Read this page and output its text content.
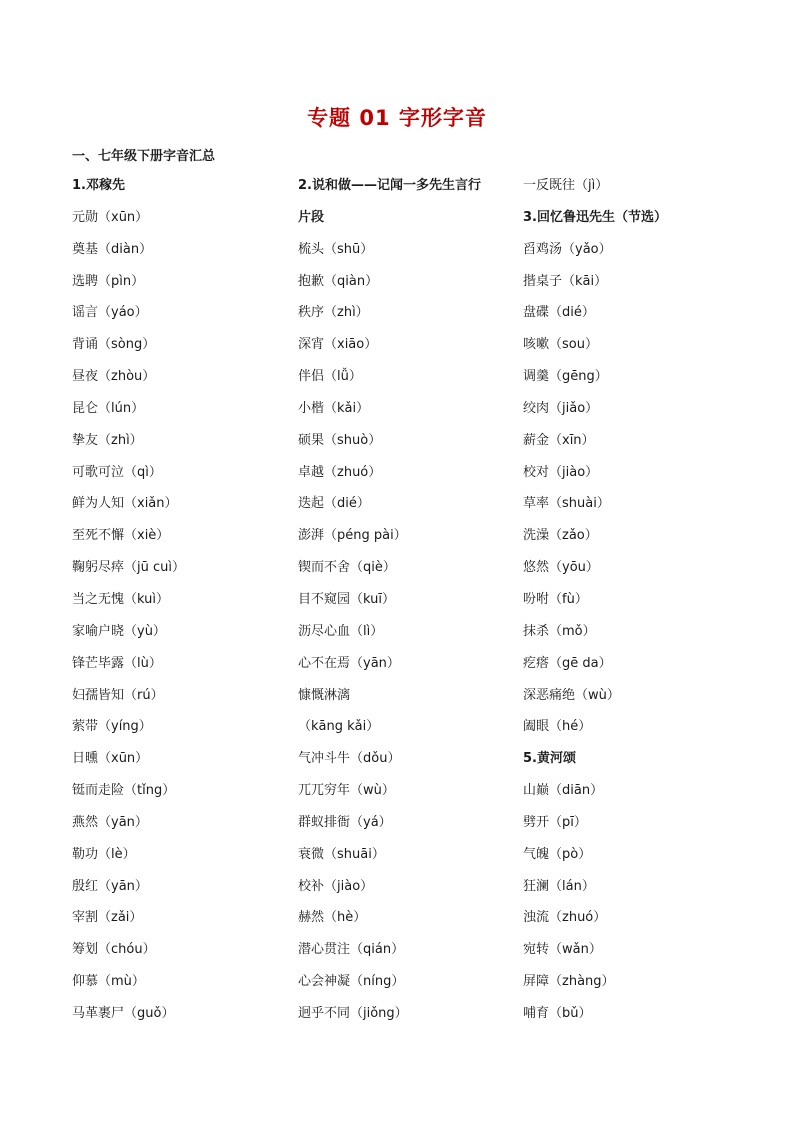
专题 01 字形字音
一、七年级下册字音汇总
1.邓稼先
元勋（xūn）
奠基（diàn）
选聘（pìn）
谣言（yáo）
背诵（sòng）
昼夜（zhòu）
昆仑（lún）
挚友（zhì）
可歌可泣（qì）
鲜为人知（xiǎn）
至死不懈（xiè）
鞠躬尽瘁（jū cuì）
当之无愧（kuì）
家喻户晓（yù）
锋芒毕露（lù）
妇孺皆知（rú）
萦带（yíng）
日曛（xūn）
铤而走险（tǐng）
燕然（yān）
勒功（lè）
殷红（yān）
宰割（zǎi）
筹划（chóu）
仰慕（mù）
马革裹尸（guǒ）
2.说和做——记闻一多先生言行
片段
梳头（shū）
抱歉（qiàn）
秩序（zhì）
深宵（xiāo）
伴侣（lǚ）
小楷（kǎi）
硕果（shuò）
卓越（zhuó）
迭起（dié）
澎湃（péng pài）
锲而不舍（qiè）
目不窥园（kuī）
沥尽心血（lì）
心不在焉（yān）
慷慨淋漓
（kāng kǎi）
气冲斗牛（dǒu）
兀兀穷年（wù）
群蚁排衙（yá）
衰微（shuāi）
校补（jiào）
赫然（hè）
潜心贯注（qián）
心会神凝（níng）
迥乎不同（jiǒng）
一反既往（jì）
3.回忆鲁迅先生（节选）
舀鸡汤（yǎo）
揩桌子（kāi）
盘碟（dié）
咳嗽（sou）
调羹（gēng）
绞肉（jiǎo）
薪金（xīn）
校对（jiào）
草率（shuài）
洗澡（zǎo）
悠然（yōu）
吩咐（fù）
抹杀（mǒ）
疙瘩（gē da）
深恶痛绝（wù）
阖眼（hé）
5.黄河颂
山巅（diān）
劈开（pī）
气魄（pò）
狂澜（lán）
浊流（zhuó）
宛转（wǎn）
屏障（zhàng）
哺育（bǔ）
